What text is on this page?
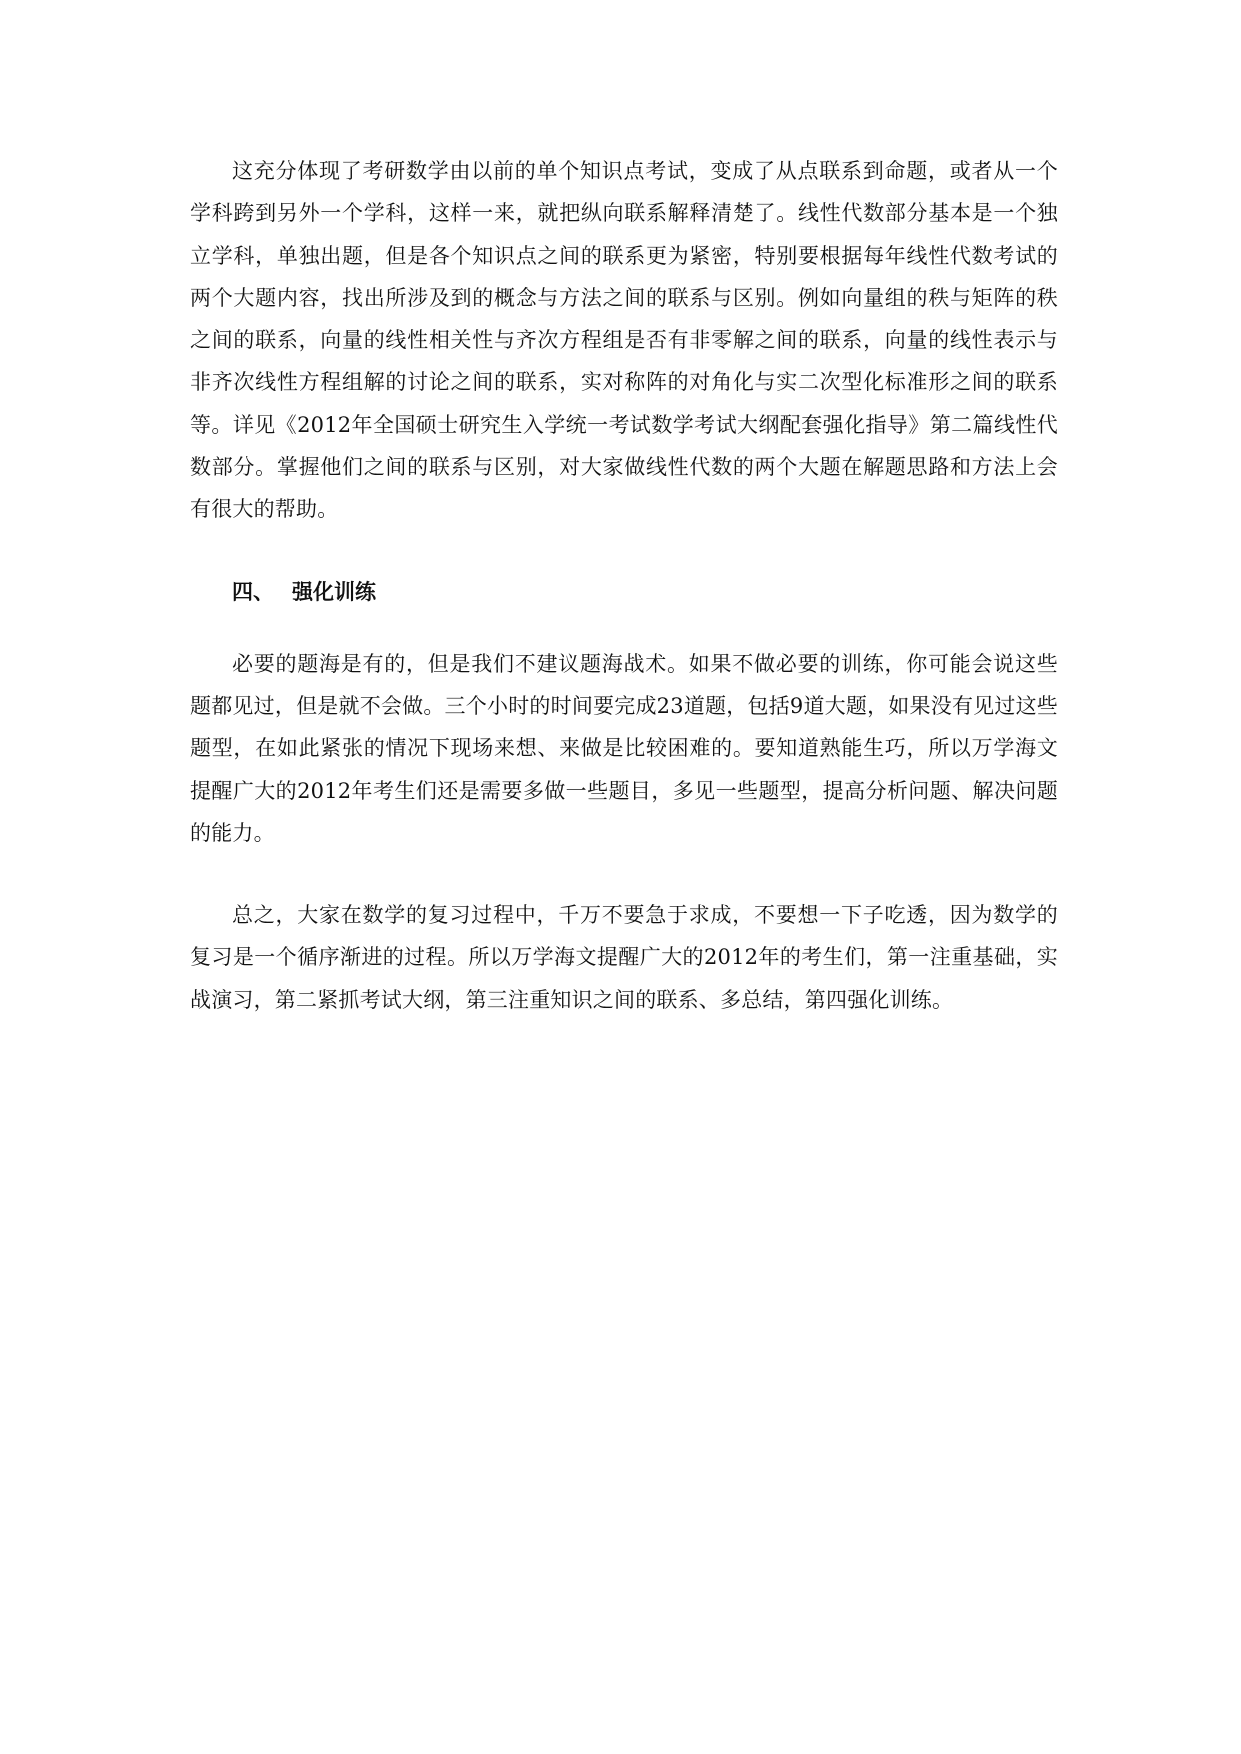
这充分体现了考研数学由以前的单个知识点考试，变成了从点联系到命题，或者从一个学科跨到另外一个学科，这样一来，就把纵向联系解释清楚了。线性代数部分基本是一个独立学科，单独出题，但是各个知识点之间的联系更为紧密，特别要根据每年线性代数考试的两个大题内容，找出所涉及到的概念与方法之间的联系与区别。例如向量组的秩与矩阵的秩之间的联系，向量的线性相关性与齐次方程组是否有非零解之间的联系，向量的线性表示与非齐次线性方程组解的讨论之间的联系，实对称阵的对角化与实二次型化标准形之间的联系等。详见《2012年全国硕士研究生入学统一考试数学考试大纲配套强化指导》第二篇线性代数部分。掌握他们之间的联系与区别，对大家做线性代数的两个大题在解题思路和方法上会有很大的帮助。

四、 强化训练

必要的题海是有的，但是我们不建议题海战术。如果不做必要的训练，你可能会说这些题都见过，但是就不会做。三个小时的时间要完成23道题，包括9道大题，如果没有见过这些题型，在如此紧张的情况下现场来想、来做是比较困难的。要知道熟能生巧，所以万学海文提醒广大的2012年考生们还是需要多做一些题目，多见一些题型，提高分析问题、解决问题的能力。

总之，大家在数学的复习过程中，千万不要急于求成，不要想一下子吃透，因为数学的复习是一个循序渐进的过程。所以万学海文提醒广大的2012年的考生们，第一注重基础，实战演习，第二紧抓考试大纲，第三注重知识之间的联系、多总结，第四强化训练。
